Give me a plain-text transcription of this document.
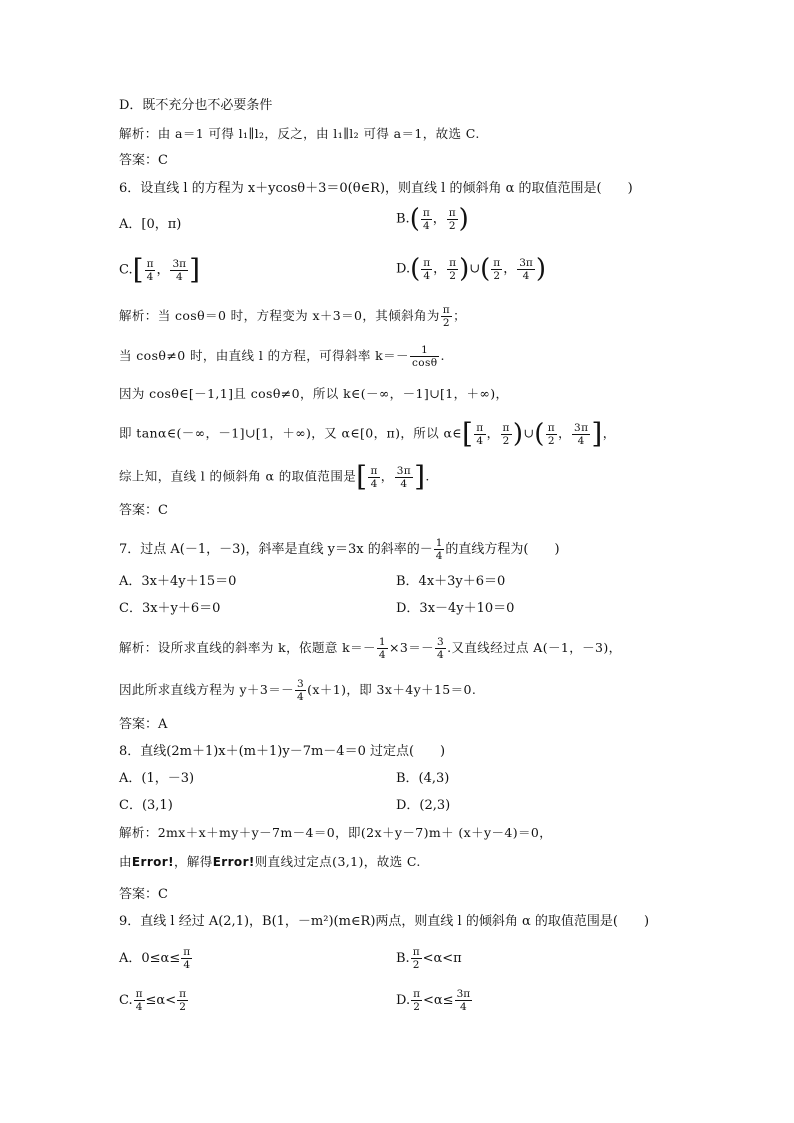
D．既不充分也不必要条件
解析：由 a＝1 可得 l₁∥l₂，反之，由 l₁∥l₂ 可得 a＝1，故选 C.
答案：C
6．设直线 l 的方程为 x＋ycosθ＋3＝0(θ∈R)，则直线 l 的倾斜角 α 的取值范围是(　　)
A．[0，π)	$B.( \frac{\pi}{4}$ ， $\frac{\pi}{2}$ )
$C.[ \frac{\pi}{4}$ ， $\frac{3\pi}{4}$ ]	$D.( \frac{\pi}{4}$ ， $\frac{\pi}{2}$ )∪( $\frac{\pi}{2}$ ， $\frac{3\pi}{4}$ )
解析：当 cosθ＝0 时，方程变为 x＋3＝0，其倾斜角为 $\frac{\pi}{2}$ ；
当 cosθ≠0 时，由直线 l 的方程，可得斜率 $k=- \frac{1}{\cos\theta}$ .
因为 cosθ∈[－1,1]且 cosθ≠0，所以 k∈(－∞，－1]∪[1，＋∞)，
即 tanα∈(－∞，－1]∪[1，＋∞)，又 α∈[0，π)，所以 α∈[ $\frac{\pi}{4}$ ， $\frac{\pi}{2}$ )∪( $\frac{\pi}{2}$ ， $\frac{3\pi}{4}$ ]，
综上知，直线 l 的倾斜角 α 的取值范围是[ $\frac{\pi}{4}$ ， $\frac{3\pi}{4}$ ].
答案：C
7．过点 A(－1，－3)，斜率是直线 y＝3x 的斜率的－ $\frac{1}{4}$ 的直线方程为(　　)
A．3x＋4y＋15＝0	B．4x＋3y＋6＝0
C．3x＋y＋6＝0	D．3x－4y＋10＝0
解析：设所求直线的斜率为 k，依题意 $k=- \frac{1}{4} \times 3=- \frac{3}{4}$ .又直线经过点 A(－1，－3)，
因此所求直线方程为 $y+3=- \frac{3}{4} (x+1)$，即 3x＋4y＋15＝0.
答案：A
8．直线(2m＋1)x＋(m＋1)y－7m－4＝0 过定点(　　)
A．(1，－3)	B．(4,3)
C．(3,1)	D．(2,3)
解析：2mx＋x＋my＋y－7m－4＝0，即(2x＋y－7)m＋ (x＋y－4)＝0，
由Error!，解得Error!则直线过定点(3,1)，故选 C.
答案：C
9．直线 l 经过 A(2,1)，B(1，－m²)(m∈R)两点，则直线 l 的倾斜角 α 的取值范围是(　　)
A．$0\le\alpha\le \frac{\pi}{4}$	B. $\frac{\pi}{2} <\alpha<\pi$
C. $\frac{\pi}{4} \le\alpha< \frac{\pi}{2}$	D. $\frac{\pi}{2} <\alpha\le \frac{3\pi}{4}$
